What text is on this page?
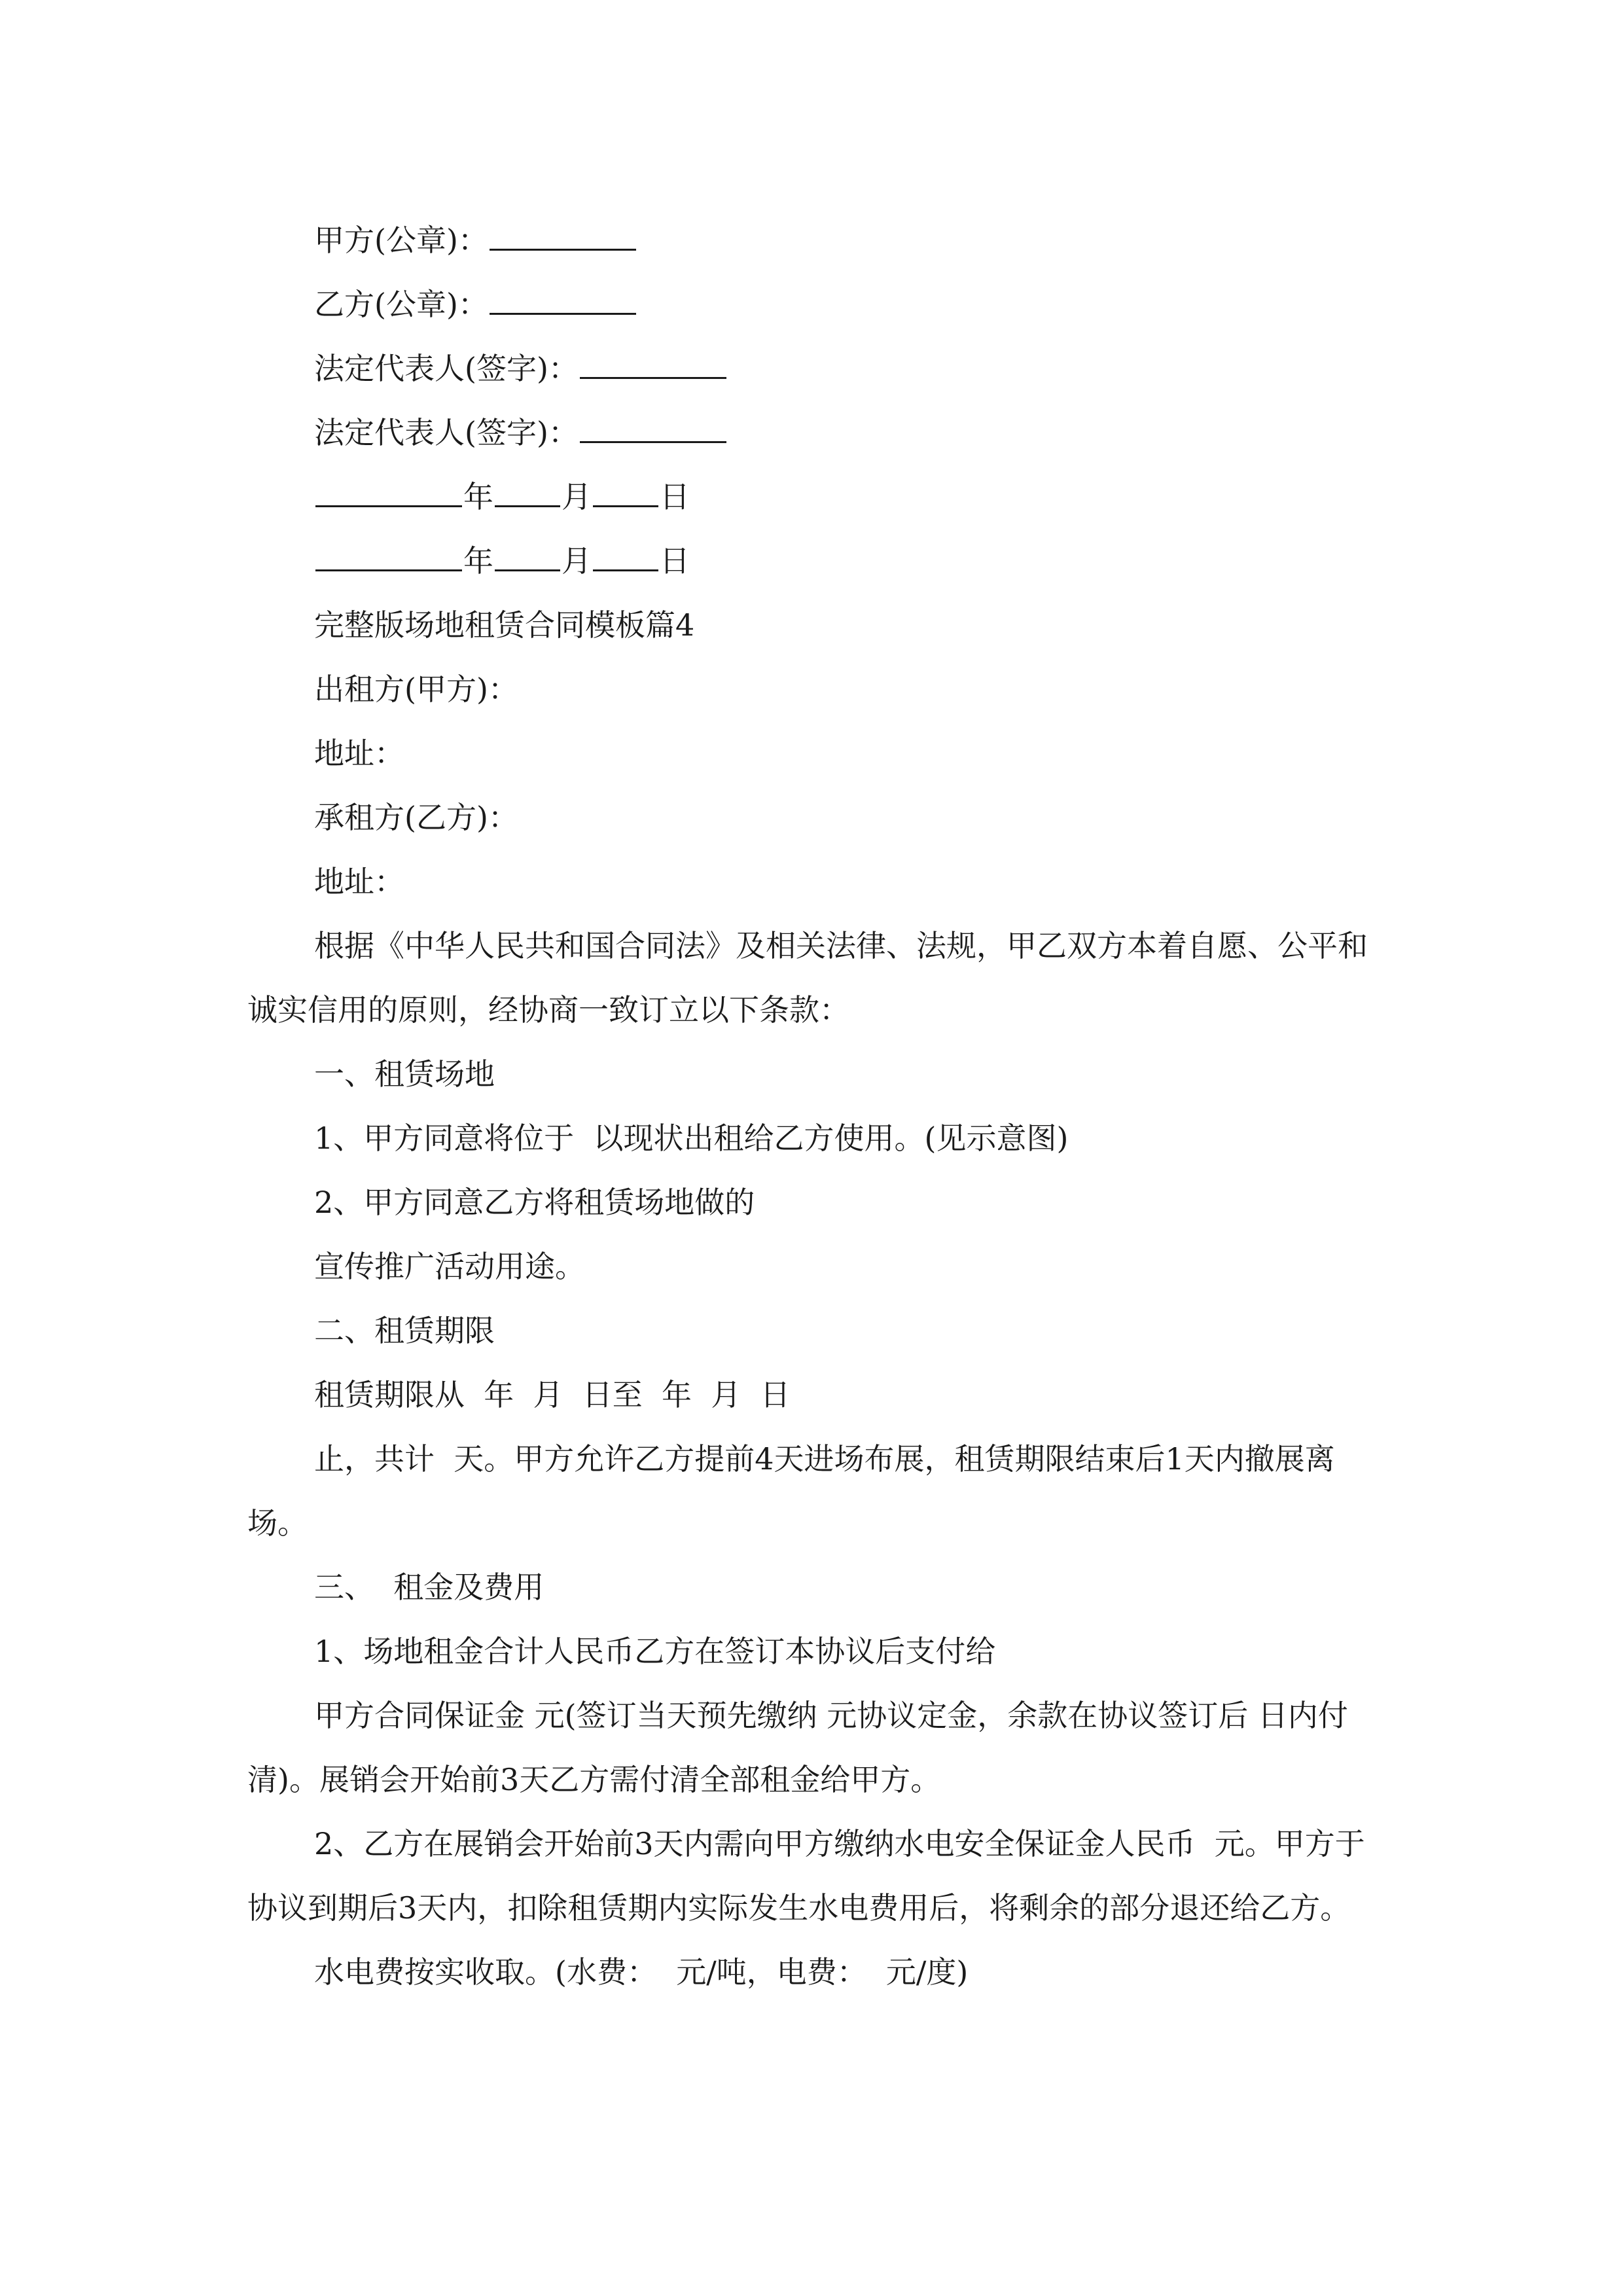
甲方(公章)：

乙方(公章)：

法定代表人(签字)：

法定代表人(签字)：

年 月 日

年 月 日

完整版场地租赁合同模板篇4

出租方(甲方)：

地址：

承租方(乙方)：

地址：

根据《中华人民共和国合同法》及相关法律、法规，甲乙双方本着自愿、公平和诚实信用的原则，经协商一致订立以下条款：

一、租赁场地

1、甲方同意将位于  以现状出租给乙方使用。(见示意图)

2、甲方同意乙方将租赁场地做的

宣传推广活动用途。

二、租赁期限

租赁期限从  年  月  日至  年  月  日

止，共计  天。甲方允许乙方提前4天进场布展，租赁期限结束后1天内撤展离场。

三、  租金及费用

1、场地租金合计人民币乙方在签订本协议后支付给

甲方合同保证金 元(签订当天预先缴纳 元协议定金，余款在协议签订后 日内付清)。展销会开始前3天乙方需付清全部租金给甲方。

2、乙方在展销会开始前3天内需向甲方缴纳水电安全保证金人民币  元。甲方于协议到期后3天内，扣除租赁期内实际发生水电费用后，将剩余的部分退还给乙方。

水电费按实收取。(水费：  元/吨，电费：  元/度)
